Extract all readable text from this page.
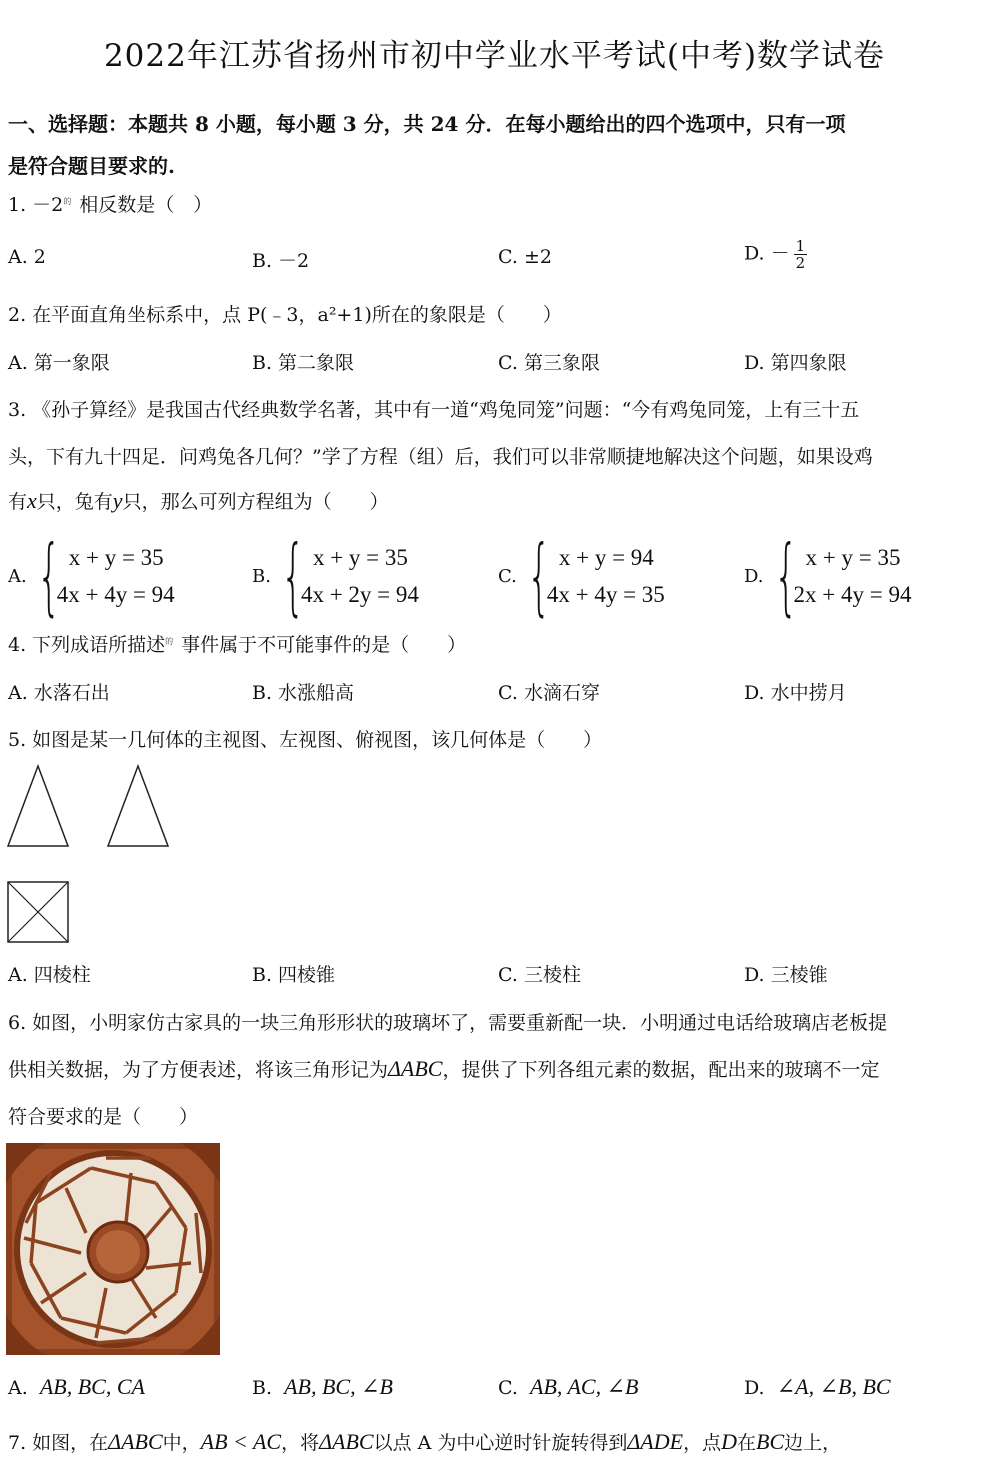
2022年江苏省扬州市初中学业水平考试(中考)数学试卷
一、选择题：本题共 8 小题，每小题 3 分，共 24 分．在每小题给出的四个选项中，只有一项
是符合题目要求的.
1. $-2^的$ 相反数是（　）
A. 2	B. －2	C. ±2	D. － $\frac{1}{2}$
2. 在平面直角坐标系中，点 P(﹣3，a²+1)所在的象限是（　　）
A. 第一象限	B. 第二象限	C. 第三象限	D. 第四象限
3. 《孙子算经》是我国古代经典数学名著，其中有一道“鸡兔同笼”问题：“今有鸡兔同笼，上有三十五
头，下有九十四足．问鸡兔各几何？”学了方程（组）后，我们可以非常顺捷地解决这个问题，如果设鸡
有x只，兔有y只，那么可列方程组为（　　）
A. { x + y = 35
4x + 4y = 94
B. { x + y = 35
4x + 2y = 94
C. { x + y = 94
4x + 4y = 35
D. { x + y = 35
2x + 4y = 94
4. 下列成语所描述$^的$ 事件属于不可能事件的是（　　）
A. 水落石出	B. 水涨船高	C. 水滴石穿	D. 水中捞月
5. 如图是某一几何体的主视图、左视图、俯视图，该几何体是（　　）
A. 四棱柱	B. 四棱锥	C. 三棱柱	D. 三棱锥
6. 如图，小明家仿古家具的一块三角形形状的玻璃坏了，需要重新配一块．小明通过电话给玻璃店老板提
供相关数据，为了方便表述，将该三角形记为ΔABC，提供了下列各组元素的数据，配出来的玻璃不一定
符合要求的是（　　）
A. AB, BC, CA	B. AB, BC, ∠B	C. AB, AC, ∠B	D. ∠A, ∠B, BC
7. 如图，在ΔABC中，AB < AC，将ΔABC以点 A 为中心逆时针旋转得到ΔADE，点D在BC边上，
